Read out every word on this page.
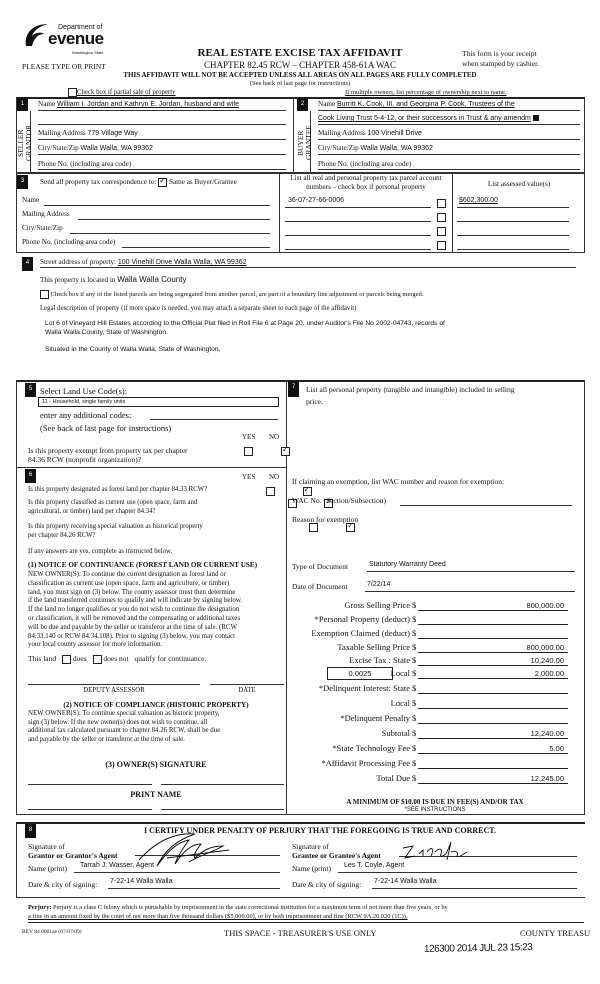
Department of
evenue
Washington State
PLEASE TYPE OR PRINT
REAL ESTATE EXCISE TAX AFFIDAVIT
CHAPTER 82.45 RCW – CHAPTER 458-61A WAC
THIS AFFIDAVIT WILL NOT BE ACCEPTED UNLESS ALL AREAS ON ALL PAGES ARE FULLY COMPLETED
(See back of last page for instructions)
This form is your receipt
when stamped by cashier.
Check box if partial sale of property	If multiple owners, list percentage of ownership next to name.
1
SELLER
GRANTOR
Name William I. Jordan and Kathryn E. Jordan, husband and wife
Mailing Address 779 Village Way
City/State/Zip Walla Walla, WA 99362
Phone No. (including area code)
2
BUYER
GRANTEE
Name Burritt K. Cook, III. and Georgina P. Cook, Trustees of the
Cook Living Trust 5-4-12, or their successors in Trust & any amendm
Mailing Address 100 Vinehill Drive
City/State/Zip Walla Walla, WA 99362
Phone No. (including area code)
3	Send all property tax correspondence to: ✓ Same as Buyer/Grantee
Name
Mailing Address
City/State/Zip
Phone No. (including area code)
List all real and personal property tax parcel account
numbers – check box if personal property	List assessed value(s)
36-07-27-66-0006	$602,300.00
4	Street address of property: 100 Vinehill Drive Walla Walla, WA 99362
This property is located in Walla Walla County
Check box if any of the listed parcels are being segregated from another parcel, are part of a boundary line adjustment or parcels being merged.
Legal description of property (if more space is needed, you may attach a separate sheet to each page of the affidavit)
Lot 6 of Vineyard Hill Estates according to the Official Plat filed in Roll File 6 at Page 20, under Auditor's File No 2002-04743, records of
Walla Walla County, State of Washington.
Situated in the County of Walla Walla, State of Washington.
5 Select Land Use Code(s):
11 - Household, single family units
enter any additional codes:
(See back of last page for instructions)
YES NO
Is this property exempt from property tax per chapter
84.36 RCW (nonprofit organization)?
✓
6	YES NO
Is this property designated as forest land per chapter 84.33 RCW?
✓
Is this property classified as current use (open space, farm and
agricultural, or timber) land per chapter 84.34?
✓
Is this property receiving special valuation as historical property
per chapter 84.26 RCW?
✓
If any answers are yes, complete as instructed below.
(1) NOTICE OF CONTINUANCE (FOREST LAND OR CURRENT USE)
NEW OWNER(S): To continue the current designation as forest land or
classification as current use (open space, farm and agriculture, or timber)
land, you must sign on (3) below. The county assessor must then determine
if the land transferred continues to qualify and will indicate by signing below.
If the land no longer qualifies or you do not wish to continue the designation
or classification, it will be removed and the compensating or additional taxes
will be due and payable by the seller or transferor at the time of sale. (RCW
84.33.140 or RCW 84.34.108). Prior to signing (3) below, you may contact
your local county assessor for more information.
This land does does not qualify for continuance.
DEPUTY ASSESSOR	DATE
(2) NOTICE OF COMPLIANCE (HISTORIC PROPERTY)
NEW OWNER(S): To continue special valuation as historic property,
sign (3) below. If the new owner(s) does not wish to continue, all
additional tax calculated pursuant to chapter 84.26 RCW, shall be due
and payable by the seller or transferor at the time of sale.
(3) OWNER(S) SIGNATURE
PRINT NAME
7	List all personal property (tangible and intangible) included in selling
price.
If claiming an exemption, list WAC number and reason for exemption:
WAC No. (Section/Subsection)
Reason for exemption
Type of Document	Statutory Warranty Deed
Date of Document	7/22/14
Gross Selling Price $	800,000.00
*Personal Property (deduct) $
Exemption Claimed (deduct) $
Taxable Selling Price $	800,000.00
Excise Tax : State $	10,240.00
0.0025	Local $	2,000.00
*Delinquent Interest: State $
Local $
*Delinquent Penalty $
Subtotal $	12,240.00
*State Technology Fee $	5.00
*Affidavit Processing Fee $
Total Due $	12,245.00
A MINIMUM OF $10.00 IS DUE IN FEE(S) AND/OR TAX
*SEE INSTRUCTIONS
8	I CERTIFY UNDER PENALTY OF PERJURY THAT THE FOREGOING IS TRUE AND CORRECT.
Signature of
Grantor or Grantor's Agent
Name (print)	Tarrah J. Wasser, Agent
Date & city of signing: 7-22-14 Walla Walla
Signature of
Grantee or Grantee's Agent
Name (print)	Les T. Coyle, Agent
Date & city of signing: 7-22-14 Walla Walla
Perjury: Perjury is a class C felony which is punishable by imprisonment in the state correctional institution for a maximum term of not more than five years, or by
a fine in an amount fixed by the court of not more than five thousand dollars ($5,000.00), or by both imprisonment and fine (RCW 9A.20.020 (1C)).
REV 84 0001ae (07/07/09)	THIS SPACE - TREASURER'S USE ONLY	COUNTY TREASU
126300 2014 JUL 23 15:23
